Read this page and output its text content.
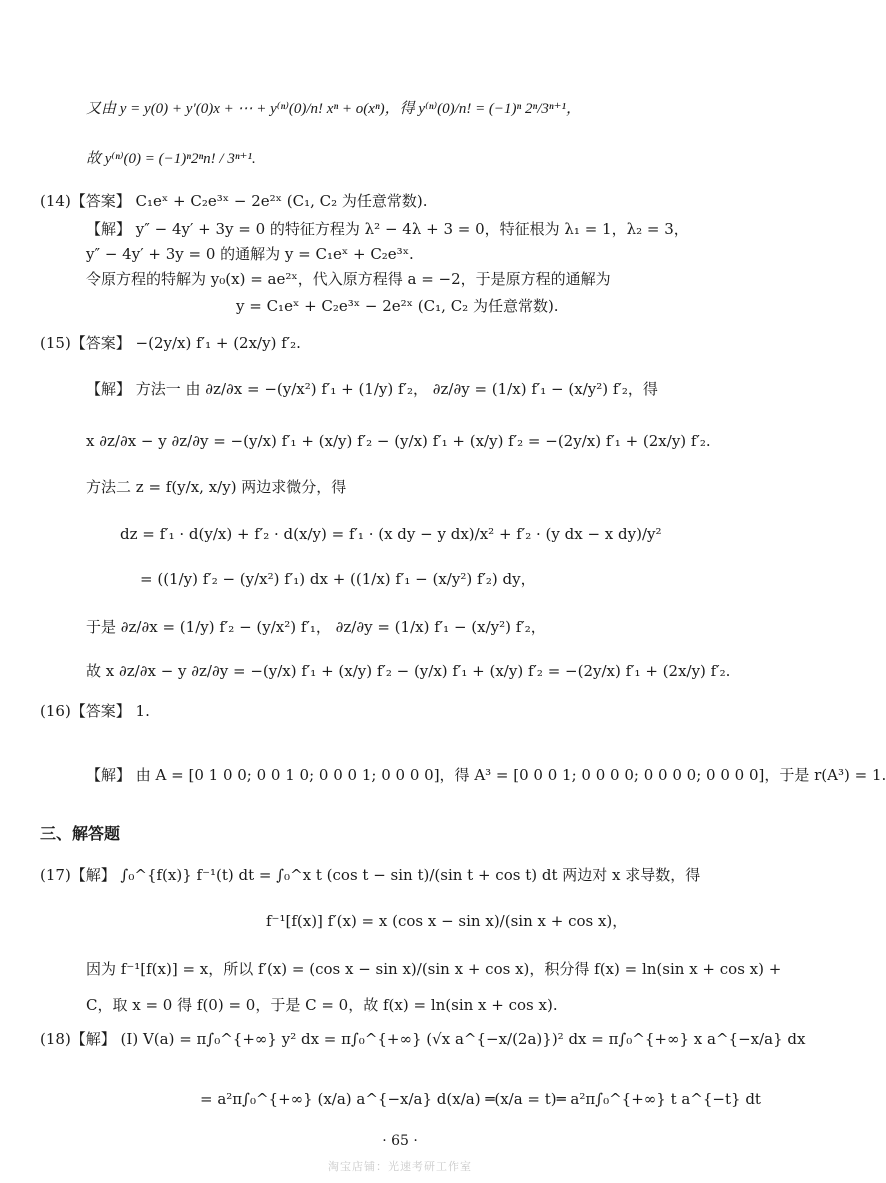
又由 y = y(0) + y′(0)x + ⋯ + y⁽ⁿ⁾(0)/n! xⁿ + o(xⁿ)，得 y⁽ⁿ⁾(0)/n! = (−1)ⁿ 2ⁿ/3ⁿ⁺¹，
故 y⁽ⁿ⁾(0) = (−1)ⁿ2ⁿn! / 3ⁿ⁺¹.
(14)【答案】 C₁eˣ + C₂e³ˣ − 2e²ˣ (C₁, C₂ 为任意常数).
【解】 y″ − 4y′ + 3y = 0 的特征方程为 λ² − 4λ + 3 = 0，特征根为 λ₁ = 1，λ₂ = 3，
y″ − 4y′ + 3y = 0 的通解为 y = C₁eˣ + C₂e³ˣ.
令原方程的特解为 y₀(x) = ae²ˣ，代入原方程得 a = −2，于是原方程的通解为
y = C₁eˣ + C₂e³ˣ − 2e²ˣ (C₁, C₂ 为任意常数).
(15)【答案】 −(2y/x) f′₁ + (2x/y) f′₂.
【解】 方法一 由 ∂z/∂x = −(y/x²) f′₁ + (1/y) f′₂， ∂z/∂y = (1/x) f′₁ − (x/y²) f′₂，得
x ∂z/∂x − y ∂z/∂y = −(y/x) f′₁ + (x/y) f′₂ − (y/x) f′₁ + (x/y) f′₂ = −(2y/x) f′₁ + (2x/y) f′₂.
方法二 z = f(y/x, x/y) 两边求微分，得
dz = f′₁ · d(y/x) + f′₂ · d(x/y) = f′₁ · (x dy − y dx)/x² + f′₂ · (y dx − x dy)/y²
= ((1/y) f′₂ − (y/x²) f′₁) dx + ((1/x) f′₁ − (x/y²) f′₂) dy，
于是 ∂z/∂x = (1/y) f′₂ − (y/x²) f′₁， ∂z/∂y = (1/x) f′₁ − (x/y²) f′₂，
故 x ∂z/∂x − y ∂z/∂y = −(y/x) f′₁ + (x/y) f′₂ − (y/x) f′₁ + (x/y) f′₂ = −(2y/x) f′₁ + (2x/y) f′₂.
(16)【答案】 1.
【解】 由 A = [0 1 0 0; 0 0 1 0; 0 0 0 1; 0 0 0 0]，得 A³ = [0 0 0 1; 0 0 0 0; 0 0 0 0; 0 0 0 0]，于是 r(A³) = 1.
三、解答题
(17)【解】 ∫₀^{f(x)} f⁻¹(t) dt = ∫₀^x t (cos t − sin t)/(sin t + cos t) dt 两边对 x 求导数，得
f⁻¹[f(x)] f′(x) = x (cos x − sin x)/(sin x + cos x)，
因为 f⁻¹[f(x)] = x，所以 f′(x) = (cos x − sin x)/(sin x + cos x)，积分得 f(x) = ln(sin x + cos x) +
C，取 x = 0 得 f(0) = 0，于是 C = 0，故 f(x) = ln(sin x + cos x).
(18)【解】 (Ⅰ) V(a) = π∫₀^{+∞} y² dx = π∫₀^{+∞} (√x a^{−x/(2a)})² dx = π∫₀^{+∞} x a^{−x/a} dx
= a²π∫₀^{+∞} (x/a) a^{−x/a} d(x/a) ═(x/a = t)═ a²π∫₀^{+∞} t a^{−t} dt
· 65 ·
淘宝店铺：光速考研工作室
